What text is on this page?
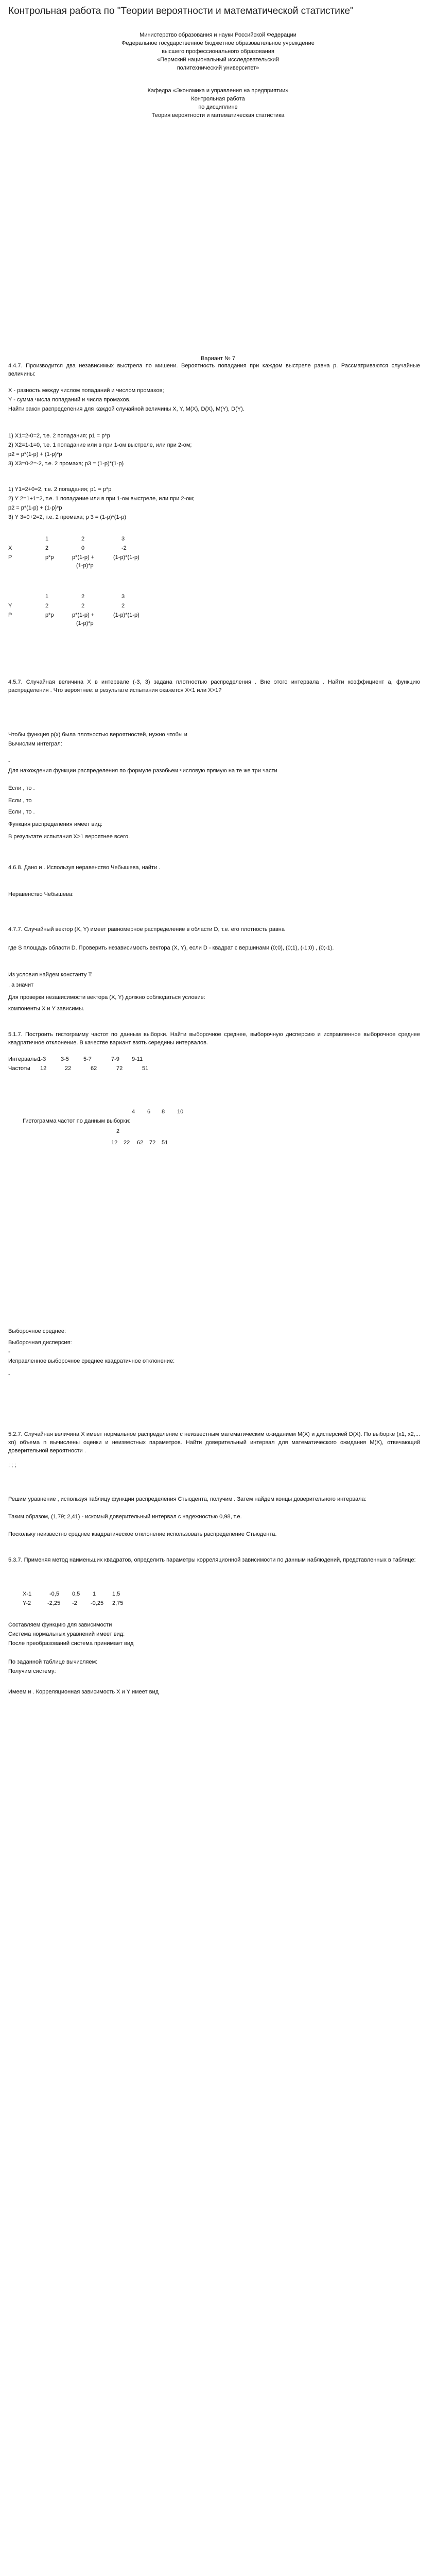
Контрольная работа по "Теории вероятности и математической статистике"
Министерство образования и науки Российской Федерации
Федеральное государственное бюджетное образовательное учреждение
высшего профессионального образования
«Пермский национальный исследовательский
политехнический университет»
Кафедра «Экономика и управления на предприятии»
Контрольная работа
по дисциплине
Теория вероятности и математическая статистика
Вариант № 7
4.4.7. Производится два независимых выстрела по мишени. Вероятность попадания при каждом выстреле равна p. Рассматриваются случайные величины:
X - разность между числом попаданий и числом промахов;
Y - сумма числа попаданий и числа промахов.
Найти закон распределения для каждой случайной величины X, Y, M(X), D(X), M(Y), D(Y).
1) X1=2-0=2, т.е. 2 попадания; p1 = p*p
2) X2=1-1=0, т.е. 1 попадание или в при 1-ом выстреле, или при 2-ом;
p2 = p*(1-p) + (1-p)*p
3) X3=0-2=-2, т.е. 2 промаха; p3 = (1-p)*(1-p)
1) Y1=2+0=2, т.е. 2 попадания; p1 = p*p
2) Y 2=1+1=2, т.е. 1 попадание или в при 1-ом выстреле, или при 2-ом;
p2 = p*(1-p) + (1-p)*p
3) Y 3=0+2=2, т.е. 2 промаха; p 3 = (1-p)*(1-p)
1	2	3
X	2	0	-2
P	p*p	p*(1-p) +	(1-p)*(1-p)
(1-p)*p
1	2	3
Y	2	2	2
P	p*p	p*(1-p) +	(1-p)*(1-p)
(1-p)*p
4.5.7. Случайная величина X в интервале (-3, 3) задана плотностью распределения . Вне этого интервала . Найти коэффициент a, функцию распределения . Что вероятнее: в результате испытания окажется X<1 или X>1?
Чтобы функция p(x) была плотностью вероятностей, нужно чтобы и
Вычислим интеграл:
-
Для нахождения функции распределения по формуле разобьем числовую прямую на те же три части
Если , то .
Если , то
Если , то .
Функция распределения имеет вид:
В результате испытания X>1 вероятнее всего.
4.6.8. Дано и . Используя неравенство Чебышева, найти .
Неравенство Чебышева:
4.7.7. Случайный вектор (X, Y) имеет равномерное распределение в области D, т.е. его плотность равна
где S площадь области D. Проверить независимость вектора (X, Y), если D - квадрат с вершинами (0;0), (0;1), (-1;0) , (0;-1).
Из условия найдем константу T:
, а значит
Для проверки независимости вектора (X, Y) должно соблюдаться условие:
компоненты X и Y зависимы.
5.1.7. Построить гистограмму частот по данным выборки. Найти выборочное среднее, выборочную дисперсию и исправленное выборочное среднее квадратичное отклонение. В качестве вариант взять середины интервалов.
Интервалы1-3	3-5	5-7	7-9 9-11
Частоты 12	22	62	72	51
4 6 8 10
Гистограмма частот по данным выборки:
2
12 22 62 72 51
Выборочное среднее:
Выборочная дисперсия:
-
Исправленное выборочное среднее квадратичное отклонение:
-
5.2.7. Случайная величина X имеет нормальное распределение с неизвестным математическим ожиданием M(X) и дисперсией D(X). По выборке (x1, x2,... xn) объема n вычислены оценки и неизвестных параметров. Найти доверительный интервал для математического ожидания M(X), отвечающий доверительной вероятности .
; ; ;
Решим уравнение , используя таблицу функции распределения Стьюдента, получим . Затем найдем концы доверительного интервала:
Таким образом, (1,79; 2,41) - искомый доверительный интервал с надежностью 0,98, т.е.
Поскольку неизвестно среднее квадратическое отклонение использовать распределение Стьюдента.
5.3.7. Применяя метод наименьших квадратов, определить параметры корреляционной зависимости по данным наблюдений, представленных в таблице:
X-1	-0,5 0,5 1	1,5
Y-2	-2,25 -2 -0,25 2,75
Составляем функцию для зависимости
Система нормальных уравнений имеет вид:
После преобразований система принимает вид
По заданной таблице вычисляем:
Получим систему:
Имеем и . Корреляционная зависимость X и Y имеет вид
